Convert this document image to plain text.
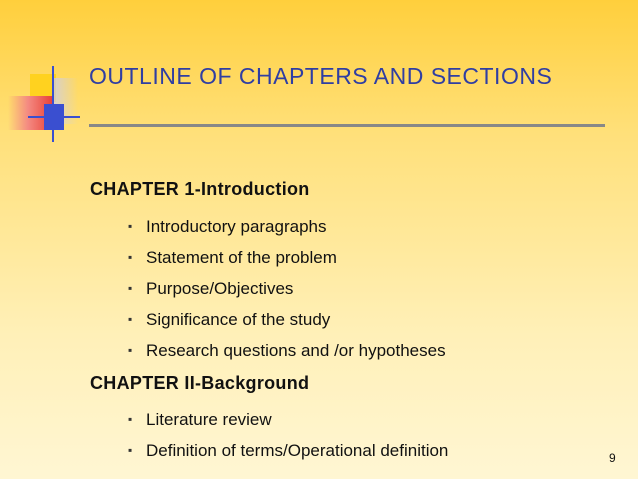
OUTLINE OF CHAPTERS AND SECTIONS
CHAPTER 1-Introduction
▪ Introductory paragraphs
▪ Statement of the problem
▪ Purpose/Objectives
▪ Significance of the study
▪ Research questions and /or hypotheses
CHAPTER II-Background
▪ Literature review
▪ Definition of terms/Operational definition	9
